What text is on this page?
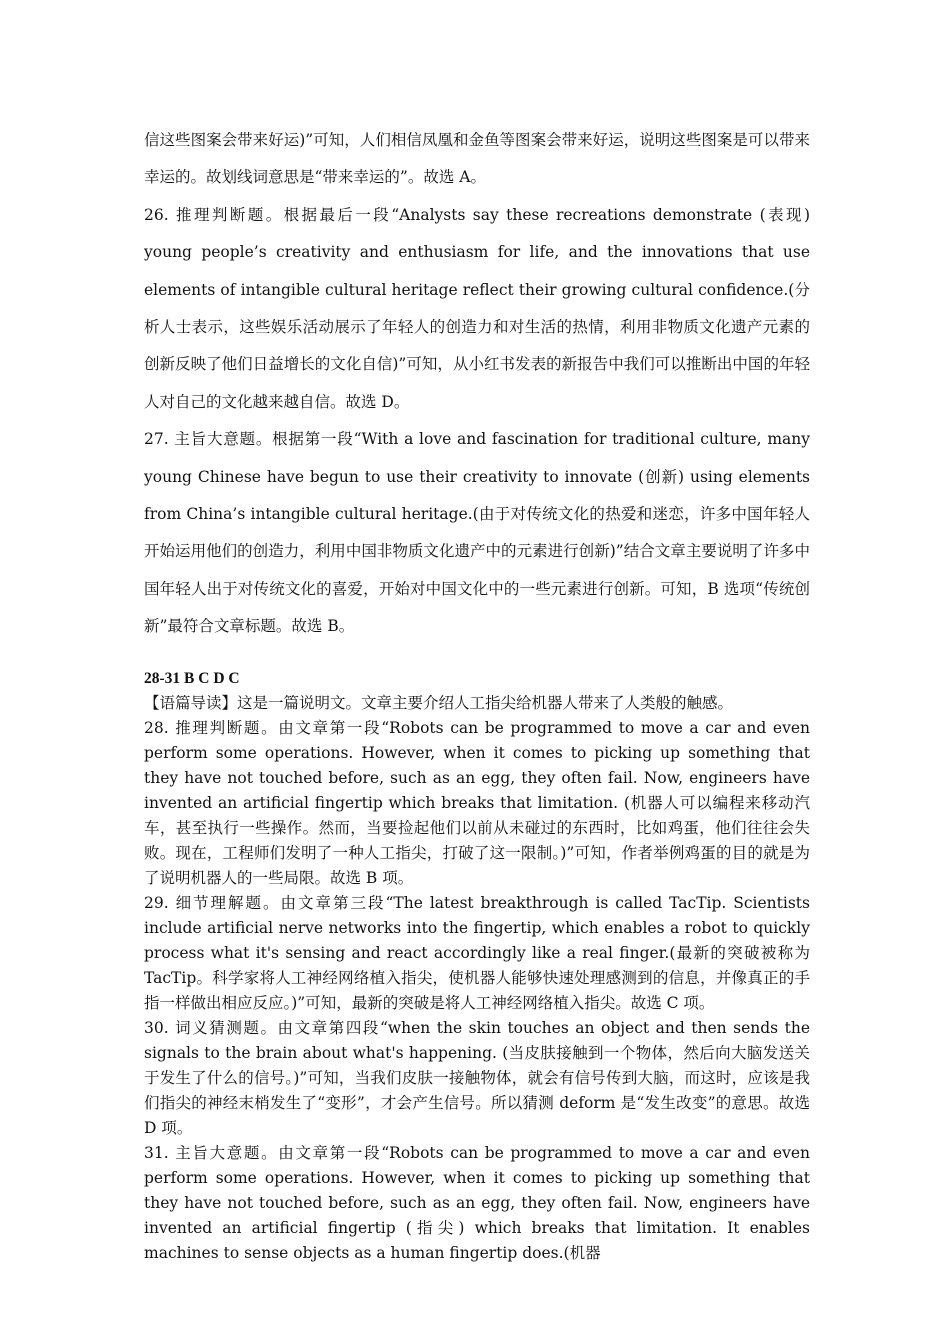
信这些图案会带来好运)”可知，人们相信凤凰和金鱼等图案会带来好运，说明这些图案是可以带来幸运的。故划线词意思是“带来幸运的”。故选 A。

26. 推理判断题。根据最后一段“Analysts say these recreations demonstrate (表现) young people’s creativity and enthusiasm for life, and the innovations that use elements of intangible cultural heritage reflect their growing cultural confidence.(分析人士表示，这些娱乐活动展示了年轻人的创造力和对生活的热情，利用非物质文化遗产元素的创新反映了他们日益增长的文化自信)”可知，从小红书发表的新报告中我们可以推断出中国的年轻人对自己的文化越来越自信。故选 D。

27. 主旨大意题。根据第一段“With a love and fascination for traditional culture, many young Chinese have begun to use their creativity to innovate (创新) using elements from China’s intangible cultural heritage.(由于对传统文化的热爱和迷恋，许多中国年轻人开始运用他们的创造力，利用中国非物质文化遗产中的元素进行创新)”结合文章主要说明了许多中国年轻人出于对传统文化的喜爱，开始对中国文化中的一些元素进行创新。可知，B 选项“传统创新”最符合文章标题。故选 B。

28-31 B C D C

【语篇导读】这是一篇说明文。文章主要介绍人工指尖给机器人带来了人类般的触感。

28. 推理判断题。由文章第一段“Robots can be programmed to move a car and even perform some operations. However, when it comes to picking up something that they have not touched before, such as an egg, they often fail. Now, engineers have invented an artificial fingertip which breaks that limitation. (机器人可以编程来移动汽车，甚至执行一些操作。然而，当要捡起他们以前从未碰过的东西时，比如鸡蛋，他们往往会失败。现在，工程师们发明了一种人工指尖，打破了这一限制。)”可知，作者举例鸡蛋的目的就是为了说明机器人的一些局限。故选 B 项。

29. 细节理解题。由文章第三段“The latest breakthrough is called TacTip. Scientists include artificial nerve networks into the fingertip, which enables a robot to quickly process what it's sensing and react accordingly like a real finger.(最新的突破被称为 TacTip。科学家将人工神经网络植入指尖，使机器人能够快速处理感测到的信息，并像真正的手指一样做出相应反应。)”可知，最新的突破是将人工神经网络植入指尖。故选 C 项。

30. 词义猜测题。由文章第四段“when the skin touches an object and then sends the signals to the brain about what's happening. (当皮肤接触到一个物体，然后向大脑发送关于发生了什么的信号。)”可知，当我们皮肤一接触物体，就会有信号传到大脑，而这时，应该是我们指尖的神经末梢发生了“变形”，才会产生信号。所以猜测 deform 是“发生改变”的意思。故选 D 项。

31. 主旨大意题。由文章第一段“Robots can be programmed to move a car and even perform some operations. However, when it comes to picking up something that they have not touched before, such as an egg, they often fail. Now, engineers have invented an artificial fingertip (指尖) which breaks that limitation. It enables machines to sense objects as a human fingertip does.(机器
